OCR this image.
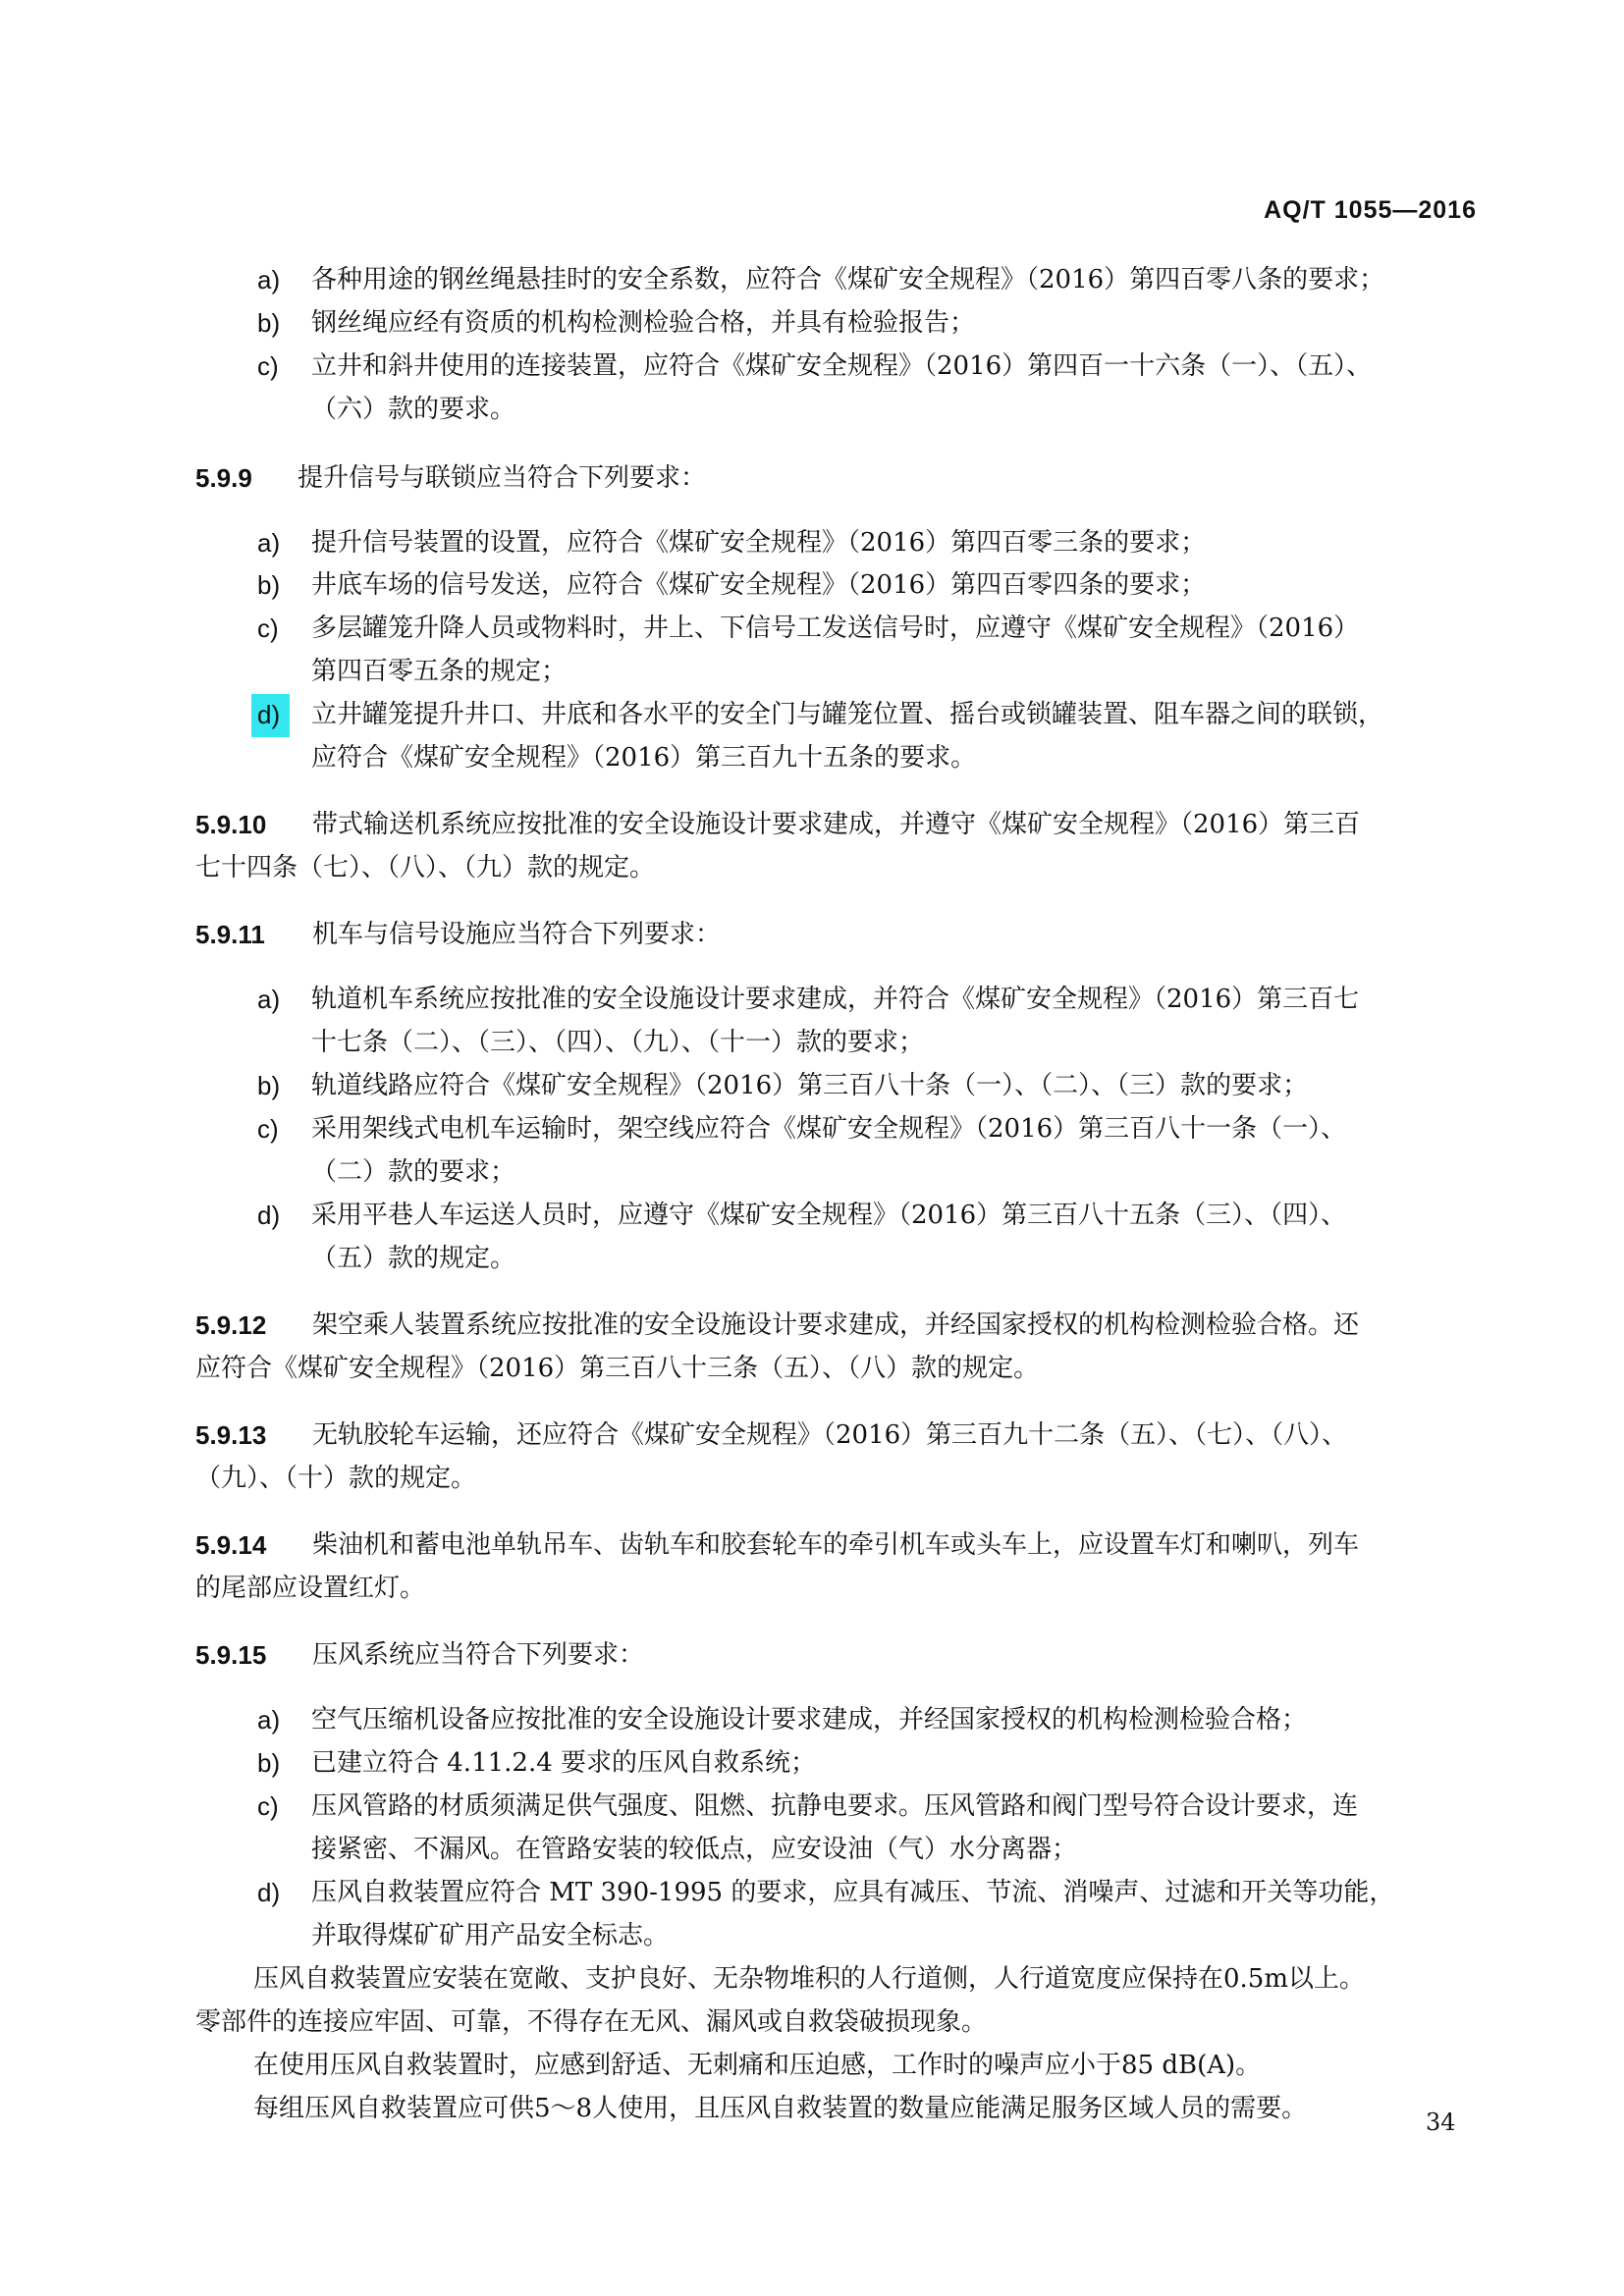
AQ/T 1055—2016
a) 各种用途的钢丝绳悬挂时的安全系数，应符合《煤矿安全规程》（2016）第四百零八条的要求；
b) 钢丝绳应经有资质的机构检测检验合格，并具有检验报告；
c) 立井和斜井使用的连接装置，应符合《煤矿安全规程》（2016）第四百一十六条（一）、（五）、
（六）款的要求。
5.9.9 提升信号与联锁应当符合下列要求：
a) 提升信号装置的设置，应符合《煤矿安全规程》（2016）第四百零三条的要求；
b) 井底车场的信号发送，应符合《煤矿安全规程》（2016）第四百零四条的要求；
c) 多层罐笼升降人员或物料时，井上、下信号工发送信号时，应遵守《煤矿安全规程》（2016）
第四百零五条的规定；
d)	立井罐笼提升井口、井底和各水平的安全门与罐笼位置、摇台或锁罐装置、阻车器之间的联锁，
应符合《煤矿安全规程》（2016）第三百九十五条的要求。
5.9.10 带式输送机系统应按批准的安全设施设计要求建成，并遵守《煤矿安全规程》（2016）第三百
七十四条（七）、（八）、（九）款的规定。
5.9.11 机车与信号设施应当符合下列要求：
a) 轨道机车系统应按批准的安全设施设计要求建成，并符合《煤矿安全规程》（2016）第三百七
十七条（二）、（三）、（四）、（九）、（十一）款的要求；
b) 轨道线路应符合《煤矿安全规程》（2016）第三百八十条（一）、（二）、（三）款的要求；
c) 采用架线式电机车运输时，架空线应符合《煤矿安全规程》（2016）第三百八十一条（一）、
（二）款的要求；
d) 采用平巷人车运送人员时，应遵守《煤矿安全规程》（2016）第三百八十五条（三）、（四）、
（五）款的规定。
5.9.12 架空乘人装置系统应按批准的安全设施设计要求建成，并经国家授权的机构检测检验合格。还
应符合《煤矿安全规程》（2016）第三百八十三条（五）、（八）款的规定。
5.9.13 无轨胶轮车运输，还应符合《煤矿安全规程》（2016）第三百九十二条（五）、（七）、（八）、
（九）、（十）款的规定。
5.9.14 柴油机和蓄电池单轨吊车、齿轨车和胶套轮车的牵引机车或头车上，应设置车灯和喇叭，列车
的尾部应设置红灯。
5.9.15 压风系统应当符合下列要求：
a) 空气压缩机设备应按批准的安全设施设计要求建成，并经国家授权的机构检测检验合格；
b) 已建立符合 4.11.2.4 要求的压风自救系统；
c) 压风管路的材质须满足供气强度、阻燃、抗静电要求。压风管路和阀门型号符合设计要求，连
接紧密、不漏风。在管路安装的较低点，应安设油（气）水分离器；
d) 压风自救装置应符合 MT 390-1995 的要求，应具有减压、节流、消噪声、过滤和开关等功能，
并取得煤矿矿用产品安全标志。
压风自救装置应安装在宽敞、支护良好、无杂物堆积的人行道侧，人行道宽度应保持在0.5m以上。
零部件的连接应牢固、可靠，不得存在无风、漏风或自救袋破损现象。
在使用压风自救装置时，应感到舒适、无刺痛和压迫感，工作时的噪声应小于85 dB(A)。
每组压风自救装置应可供5～8人使用，且压风自救装置的数量应能满足服务区域人员的需要。	34
